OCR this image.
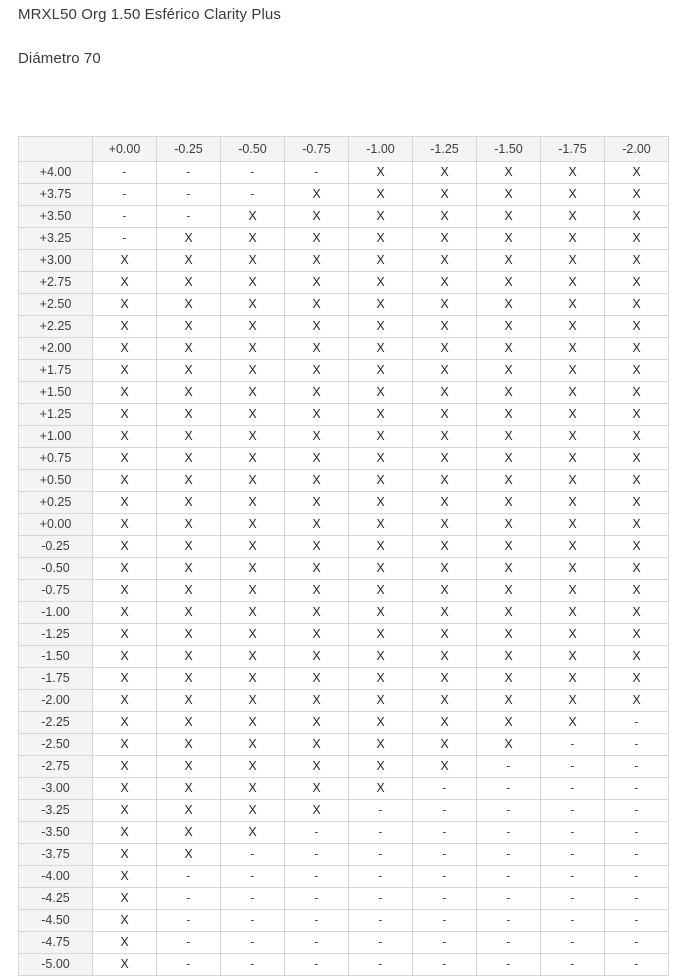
MRXL50 Org 1.50 Esférico Clarity Plus
Diámetro 70
	+0.00	-0.25	-0.50	-0.75	-1.00	-1.25	-1.50	-1.75	-2.00
+4.00	-	-	-	-	X	X	X	X	X
+3.75	-	-	-	X	X	X	X	X	X
+3.50	-	-	X	X	X	X	X	X	X
+3.25	-	X	X	X	X	X	X	X	X
+3.00	X	X	X	X	X	X	X	X	X
+2.75	X	X	X	X	X	X	X	X	X
+2.50	X	X	X	X	X	X	X	X	X
+2.25	X	X	X	X	X	X	X	X	X
+2.00	X	X	X	X	X	X	X	X	X
+1.75	X	X	X	X	X	X	X	X	X
+1.50	X	X	X	X	X	X	X	X	X
+1.25	X	X	X	X	X	X	X	X	X
+1.00	X	X	X	X	X	X	X	X	X
+0.75	X	X	X	X	X	X	X	X	X
+0.50	X	X	X	X	X	X	X	X	X
+0.25	X	X	X	X	X	X	X	X	X
+0.00	X	X	X	X	X	X	X	X	X
-0.25	X	X	X	X	X	X	X	X	X
-0.50	X	X	X	X	X	X	X	X	X
-0.75	X	X	X	X	X	X	X	X	X
-1.00	X	X	X	X	X	X	X	X	X
-1.25	X	X	X	X	X	X	X	X	X
-1.50	X	X	X	X	X	X	X	X	X
-1.75	X	X	X	X	X	X	X	X	X
-2.00	X	X	X	X	X	X	X	X	X
-2.25	X	X	X	X	X	X	X	X	-
-2.50	X	X	X	X	X	X	X	-	-
-2.75	X	X	X	X	X	X	-	-	-
-3.00	X	X	X	X	X	-	-	-	-
-3.25	X	X	X	X	-	-	-	-	-
-3.50	X	X	X	-	-	-	-	-	-
-3.75	X	X	-	-	-	-	-	-	-
-4.00	X	-	-	-	-	-	-	-	-
-4.25	X	-	-	-	-	-	-	-	-
-4.50	X	-	-	-	-	-	-	-	-
-4.75	X	-	-	-	-	-	-	-	-
-5.00	X	-	-	-	-	-	-	-	-
